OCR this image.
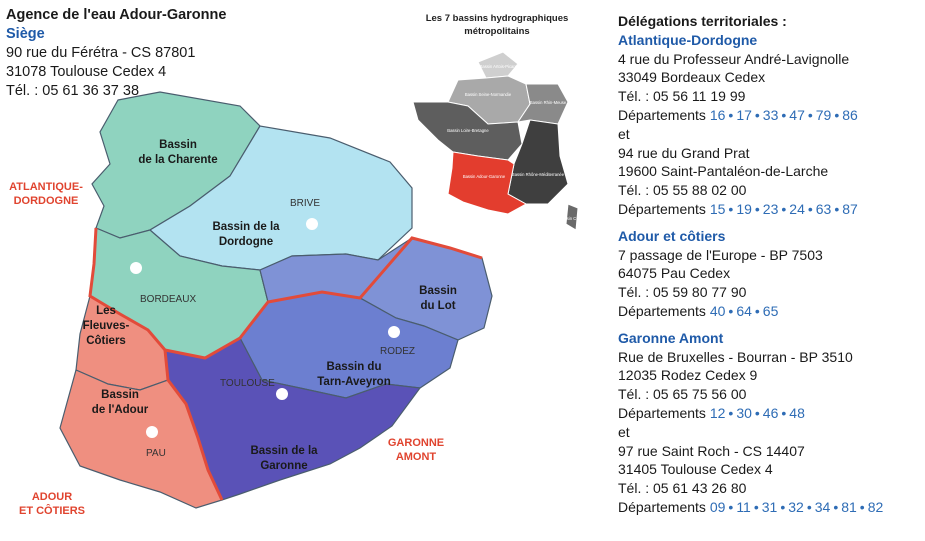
Agence de l'eau Adour-Garonne
Siège
90 rue du Férétra - CS 87801
31078 Toulouse Cedex 4
Tél. : 05 61 36 37 38
Les 7 bassins hydrographiques
métropolitains
Bassin Artois-Picardie
Bassin Seine-Normandie
Bassin Rhin-Meuse
Bassin Loire-Bretagne
Bassin Adour-Garonne Bassin Rhône-Méditerranée
Bassin Corse
BRIVE
BORDEAUX
RODEZ
TOULOUSE
PAU
Bassin
de la Charente
Bassin de la
Dordogne
Bassin
du Lot
Les
Fleuves-
Côtiers
Bassin du
Tarn-Aveyron
Bassin
de l'Adour
Bassin de la
Garonne
ATLANTIQUE-
DORDOGNE
GARONNE
AMONT
ADOUR
ET CÔTIERS
Délégations territoriales :
Atlantique-Dordogne
4 rue du Professeur André-Lavignolle
33049 Bordeaux Cedex
Tél. : 05 56 11 19 99
Départements 16 • 17 • 33 • 47 • 79 • 86
et
94 rue du Grand Prat
19600 Saint-Pantaléon-de-Larche
Tél. : 05 55 88 02 00
Départements 15 • 19 • 23 • 24 • 63 • 87
Adour et côtiers
7 passage de l'Europe - BP 7503
64075 Pau Cedex
Tél. : 05 59 80 77 90
Départements 40 • 64 • 65
Garonne Amont
Rue de Bruxelles - Bourran - BP 3510
12035 Rodez Cedex 9
Tél. : 05 65 75 56 00
Départements 12 • 30 • 46 • 48
et
97 rue Saint Roch - CS 14407
31405 Toulouse Cedex 4
Tél. : 05 61 43 26 80
Départements 09 • 11 • 31 • 32 • 34 • 81 • 82
